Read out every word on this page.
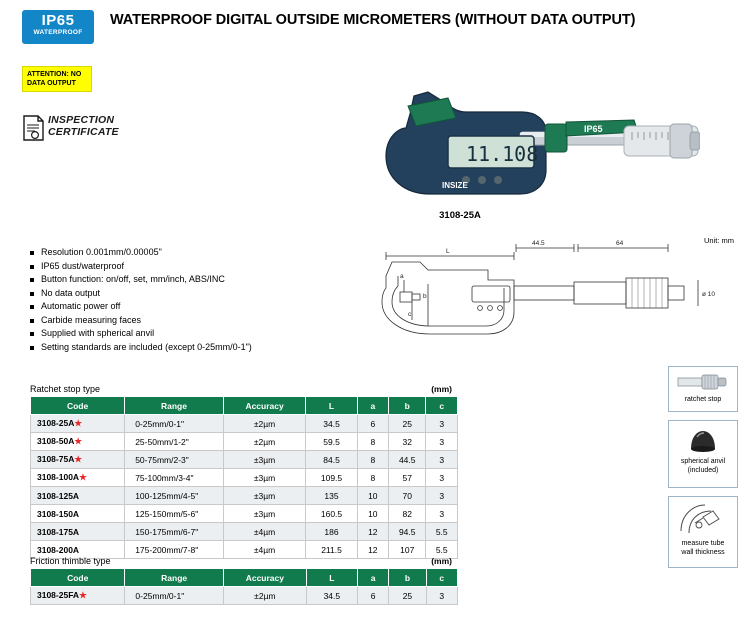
IP65
WATERPROOF
WATERPROOF DIGITAL OUTSIDE MICROMETERS (WITHOUT DATA OUTPUT)
ATTENTION: NO
DATA OUTPUT
INSPECTION
CERTIFICATE	IP65
11.108
INSIZE
3108-25A
Resolution 0.001mm/0.00005"
IP65 dust/waterproof
Button function: on/off, set, mm/inch, ABS/INC
No data output
Automatic power off
Carbide measuring faces
Supplied with spherical anvil
Setting standards are included (except 0-25mm/0-1")
Unit: mm
L
44.5	64
a
b
c
ø 10
Ratchet stop type	(mm)
Code	Range	Accuracy	L	a	b	c
3108-25A★	0-25mm/0-1"	±2µm	34.5	6	25	3
3108-50A★	25-50mm/1-2"	±2µm	59.5	8	32	3
3108-75A★	50-75mm/2-3"	±3µm	84.5	8	44.5	3
3108-100A★	75-100mm/3-4"	±3µm	109.5	8	57	3
3108-125A	100-125mm/4-5"	±3µm	135	10	70	3
3108-150A	125-150mm/5-6"	±3µm	160.5	10	82	3
3108-175A	150-175mm/6-7"	±4µm	186	12	94.5	5.5
3108-200A	175-200mm/7-8"	±4µm	211.5	12	107	5.5
Friction thimble type	(mm)
Code	Range	Accuracy	L	a	b	c
3108-25FA★	0-25mm/0-1"	±2µm	34.5	6	25	3
ratchet stop
spherical anvil
(included)
measure tube
wall thickness
